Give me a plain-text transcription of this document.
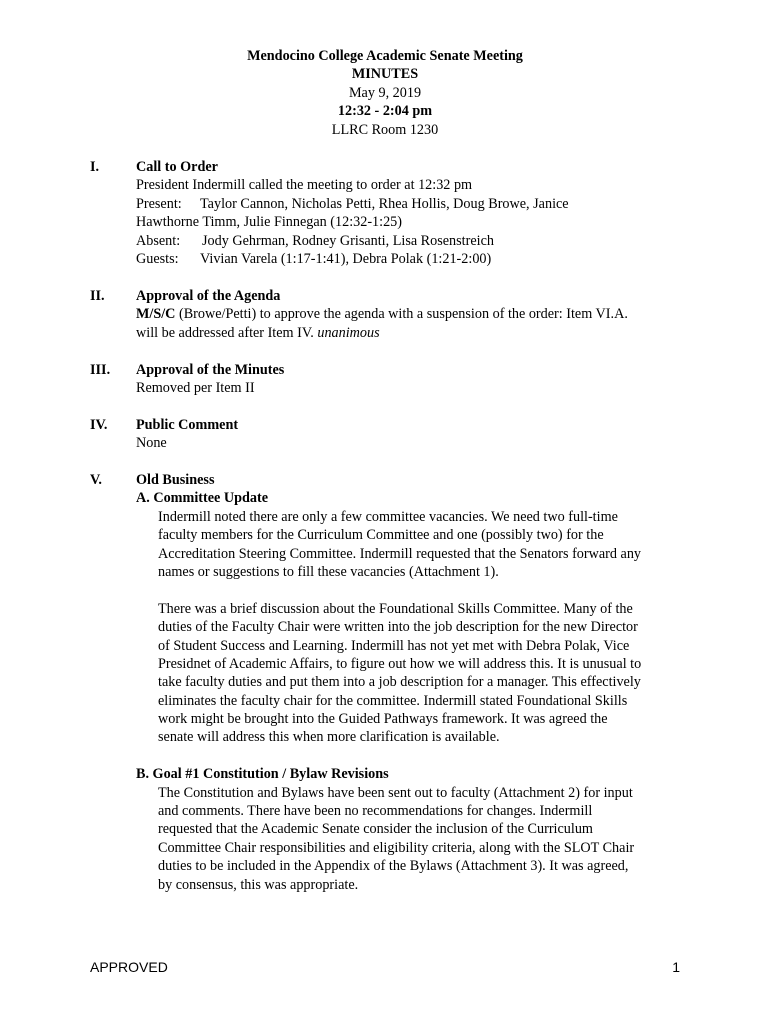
Mendocino College Academic Senate Meeting
MINUTES
May 9, 2019
12:32 - 2:04 pm
LLRC Room 1230
I.	Call to Order
President Indermill called the meeting to order at 12:32 pm
Present: Taylor Cannon, Nicholas Petti, Rhea Hollis, Doug Browe, Janice
Hawthorne Timm, Julie Finnegan (12:32-1:25)
Absent: Jody Gehrman, Rodney Grisanti, Lisa Rosenstreich
Guests: Vivian Varela (1:17-1:41), Debra Polak (1:21-2:00)
II. Approval of the Agenda
M/S/C (Browe/Petti) to approve the agenda with a suspension of the order: Item VI.A.
will be addressed after Item IV. unanimous
III. Approval of the Minutes
Removed per Item II
IV. Public Comment
None
V. Old Business
A. Committee Update
Indermill noted there are only a few committee vacancies. We need two full-time
faculty members for the Curriculum Committee and one (possibly two) for the
Accreditation Steering Committee. Indermill requested that the Senators forward any
names or suggestions to fill these vacancies (Attachment 1).
There was a brief discussion about the Foundational Skills Committee. Many of the
duties of the Faculty Chair were written into the job description for the new Director
of Student Success and Learning. Indermill has not yet met with Debra Polak, Vice
Presidnet of Academic Affairs, to figure out how we will address this. It is unusual to
take faculty duties and put them into a job description for a manager. This effectively
eliminates the faculty chair for the committee. Indermill stated Foundational Skills
work might be brought into the Guided Pathways framework. It was agreed the
senate will address this when more clarification is available.
B. Goal #1 Constitution / Bylaw Revisions
The Constitution and Bylaws have been sent out to faculty (Attachment 2) for input
and comments. There have been no recommendations for changes. Indermill
requested that the Academic Senate consider the inclusion of the Curriculum
Committee Chair responsibilities and eligibility criteria, along with the SLOT Chair
duties to be included in the Appendix of the Bylaws (Attachment 3). It was agreed,
by consensus, this was appropriate.
APPROVED	1
